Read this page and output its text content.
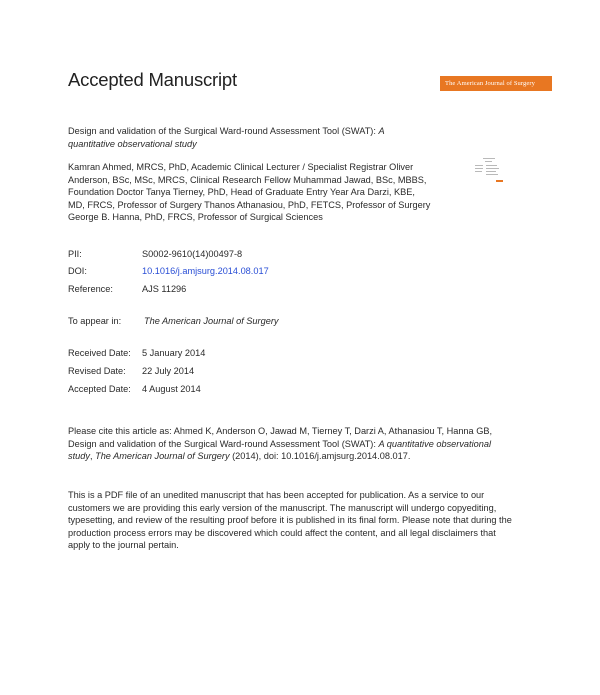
Accepted Manuscript	The American Journal of Surgery
Design and validation of the Surgical Ward-round Assessment Tool (SWAT): A quantitative observational study
Kamran Ahmed, MRCS, PhD, Academic Clinical Lecturer / Specialist Registrar Oliver Anderson, BSc, MSc, MRCS, Clinical Research Fellow Muhammad Jawad, BSc, MBBS, Foundation Doctor Tanya Tierney, PhD, Head of Graduate Entry Year Ara Darzi, KBE, MD, FRCS, Professor of Surgery Thanos Athanasiou, PhD, FETCS, Professor of Surgery George B. Hanna, PhD, FRCS, Professor of Surgical Sciences
PII:	S0002-9610(14)00497-8
DOI:	10.1016/j.amjsurg.2014.08.017
Reference:	AJS 11296
To appear in: The American Journal of Surgery
Received Date: 5 January 2014
Revised Date: 22 July 2014
Accepted Date: 4 August 2014
Please cite this article as: Ahmed K, Anderson O, Jawad M, Tierney T, Darzi A, Athanasiou T, Hanna GB, Design and validation of the Surgical Ward-round Assessment Tool (SWAT): A quantitative observational study, The American Journal of Surgery (2014), doi: 10.1016/j.amjsurg.2014.08.017.
This is a PDF file of an unedited manuscript that has been accepted for publication. As a service to our customers we are providing this early version of the manuscript. The manuscript will undergo copyediting, typesetting, and review of the resulting proof before it is published in its final form. Please note that during the production process errors may be discovered which could affect the content, and all legal disclaimers that apply to the journal pertain.
